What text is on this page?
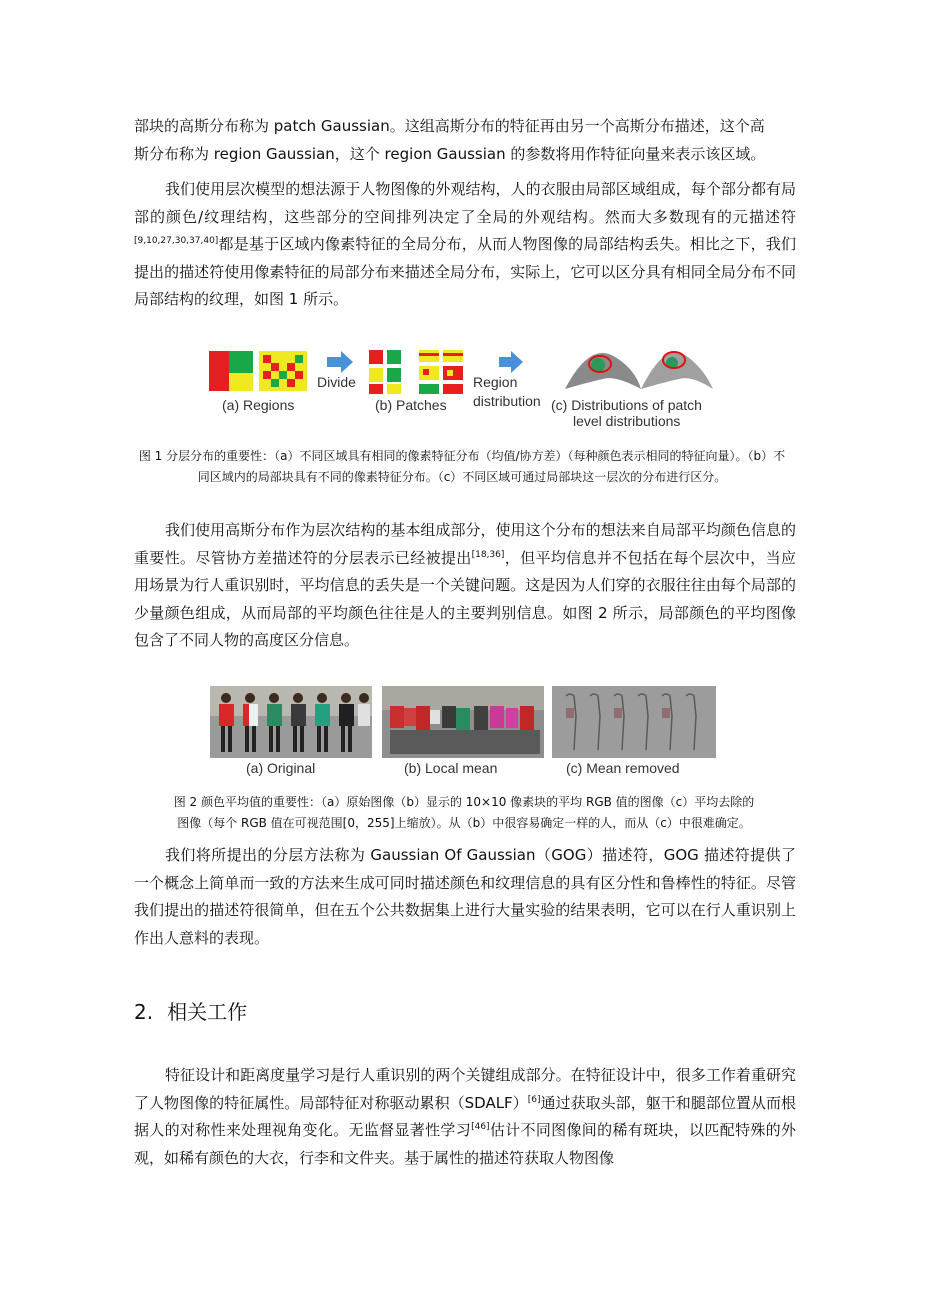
部块的高斯分布称为 patch Gaussian。这组高斯分布的特征再由另一个高斯分布描述，这个高

斯分布称为 region Gaussian，这个 region Gaussian 的参数将用作特征向量来表示该区域。

我们使用层次模型的想法源于人物图像的外观结构，人的衣服由局部区域组成，每个部分都有局部的颜色/纹理结构，这些部分的空间排列决定了全局的外观结构。然而大多数现有的元描述符[9,10,27,30,37,40]都是基于区域内像素特征的全局分布，从而人物图像的局部结构丢失。相比之下，我们提出的描述符使用像素特征的局部分布来描述全局分布，实际上，它可以区分具有相同全局分布不同局部结构的纹理，如图 1 所示。

(a) Regions
Divide
(b) Patches
Region
distribution (c) Distributions of patch
level distributions
图 1 分层分布的重要性：（a）不同区域具有相同的像素特征分布（均值/协方差）（每种颜色表示相同的特征向量）。（b）不同区域内的局部块具有不同的像素特征分布。（c）不同区域可通过局部块这一层次的分布进行区分。

我们使用高斯分布作为层次结构的基本组成部分，使用这个分布的想法来自局部平均颜色信息的重要性。尽管协方差描述符的分层表示已经被提出[18,36]，但平均信息并不包括在每个层次中，当应用场景为行人重识别时，平均信息的丢失是一个关键问题。这是因为人们穿的衣服往往由每个局部的少量颜色组成，从而局部的平均颜色往往是人的主要判别信息。如图 2 所示，局部颜色的平均图像包含了不同人物的高度区分信息。

(a) Original	(b) Local mean	(c) Mean removed
图 2 颜色平均值的重要性：（a）原始图像（b）显示的 10×10 像素块的平均 RGB 值的图像（c）平均去除的
图像（每个 RGB 值在可视范围[0，255]上缩放）。从（b）中很容易确定一样的人，而从（c）中很难确定。

我们将所提出的分层方法称为 Gaussian Of Gaussian（GOG）描述符，GOG 描述符提供了一个概念上简单而一致的方法来生成可同时描述颜色和纹理信息的具有区分性和鲁棒性的特征。尽管我们提出的描述符很简单，但在五个公共数据集上进行大量实验的结果表明，它可以在行人重识别上作出人意料的表现。

2. 相关工作

特征设计和距离度量学习是行人重识别的两个关键组成部分。在特征设计中，很多工作着重研究了人物图像的特征属性。局部特征对称驱动累积（SDALF）[6]通过获取头部，躯干和腿部位置从而根据人的对称性来处理视角变化。无监督显著性学习[46]估计不同图像间的稀有斑块，以匹配特殊的外观，如稀有颜色的大衣，行李和文件夹。基于属性的描述符获取人物图像
